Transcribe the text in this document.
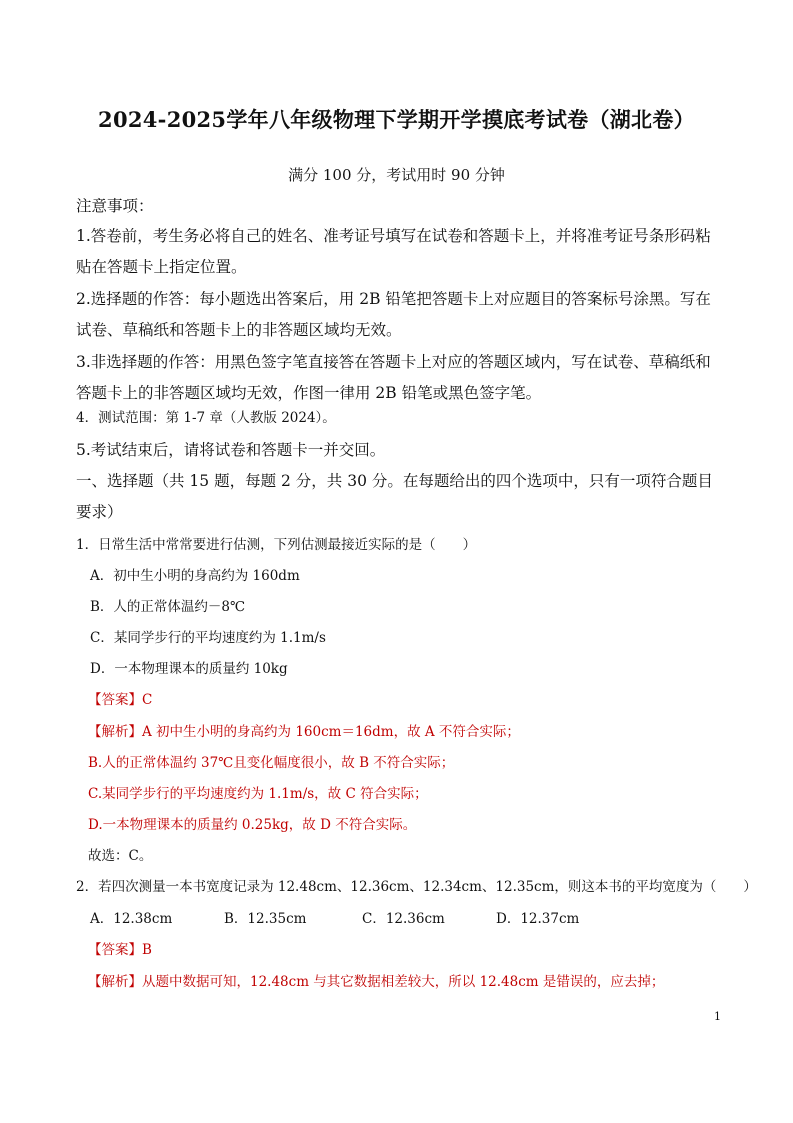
2024-2025学年八年级物理下学期开学摸底考试卷（湖北卷）
满分 100 分，考试用时 90 分钟
注意事项：
1.答卷前，考生务必将自己的姓名、准考证号填写在试卷和答题卡上，并将准考证号条形码粘
贴在答题卡上指定位置。
2.选择题的作答：每小题选出答案后，用 2B 铅笔把答题卡上对应题目的答案标号涂黑。写在
试卷、草稿纸和答题卡上的非答题区域均无效。
3.非选择题的作答：用黑色签字笔直接答在答题卡上对应的答题区域内，写在试卷、草稿纸和
答题卡上的非答题区域均无效，作图一律用 2B 铅笔或黑色签字笔。
4．测试范围：第 1-7 章（人教版 2024）。
5.考试结束后，请将试卷和答题卡一并交回。
一、选择题（共 15 题，每题 2 分，共 30 分。在每题给出的四个选项中，只有一项符合题目
要求）
1．日常生活中常常要进行估测，下列估测最接近实际的是（　　）
A．初中生小明的身高约为 160dm
B．人的正常体温约－8℃
C．某同学步行的平均速度约为 1.1m/s
D．一本物理课本的质量约 10kg
【答案】C
【解析】A 初中生小明的身高约为 160cm＝16dm，故 A 不符合实际；
B.人的正常体温约 37℃且变化幅度很小，故 B 不符合实际；
C.某同学步行的平均速度约为 1.1m/s，故 C 符合实际；
D.一本物理课本的质量约 0.25kg，故 D 不符合实际。
故选：C。
2．若四次测量一本书宽度记录为 12.48cm、12.36cm、12.34cm、12.35cm，则这本书的平均宽度为（　　）
A．12.38cm	B．12.35cm	C．12.36cm	D．12.37cm
【答案】B
【解析】从题中数据可知，12.48cm 与其它数据相差较大，所以 12.48cm 是错误的，应去掉；
1
